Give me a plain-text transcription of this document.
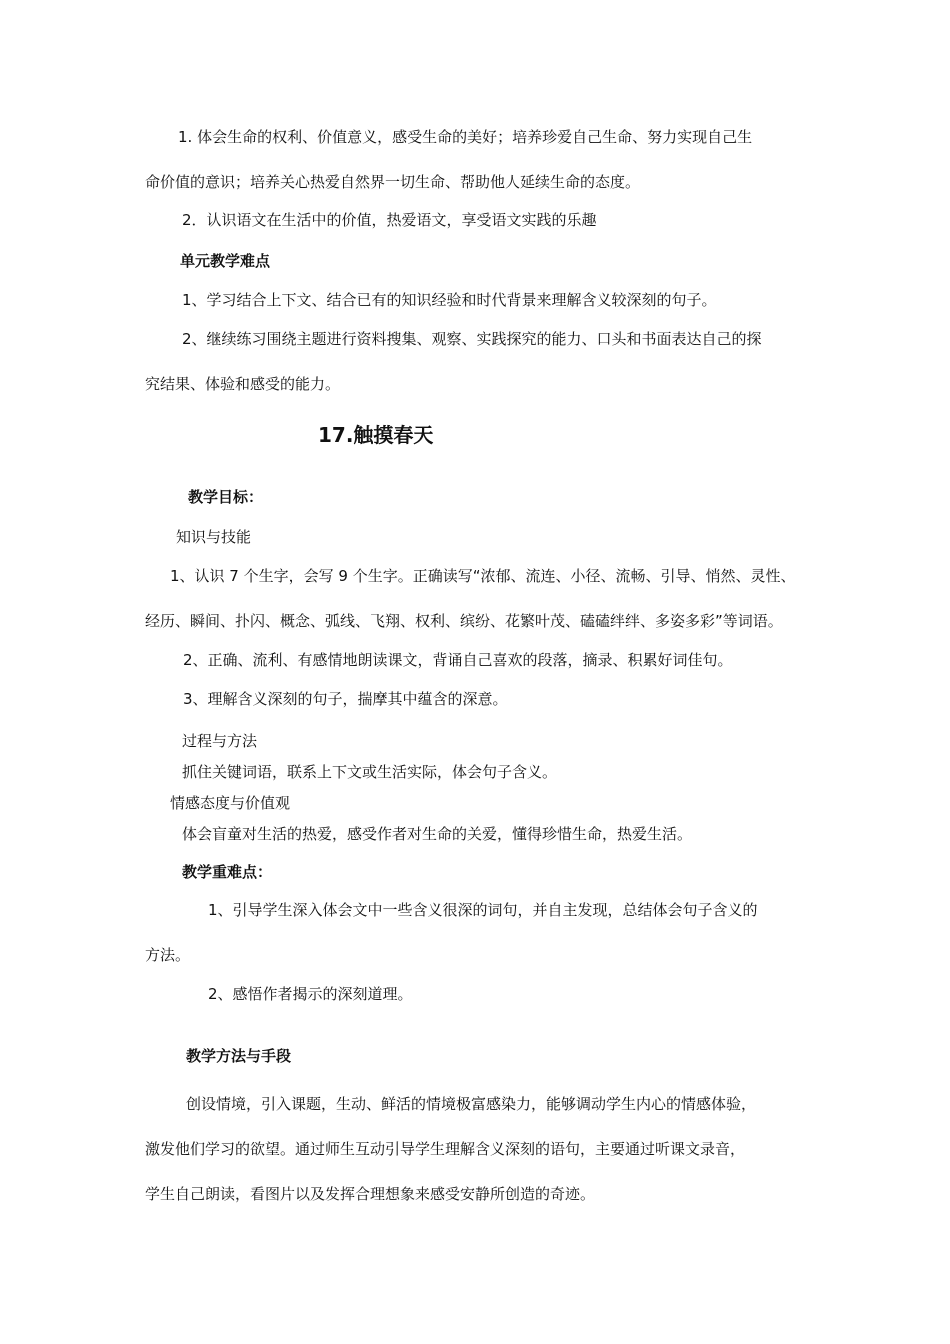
1. 体会生命的权利、价值意义，感受生命的美好；培养珍爱自己生命、努力实现自己生
命价值的意识；培养关心热爱自然界一切生命、帮助他人延续生命的态度。
2．认识语文在生活中的价值，热爱语文，享受语文实践的乐趣
单元教学难点
1、学习结合上下文、结合已有的知识经验和时代背景来理解含义较深刻的句子。
2、继续练习围绕主题进行资料搜集、观察、实践探究的能力、口头和书面表达自己的探
究结果、体验和感受的能力。
17.触摸春天
教学目标：
知识与技能
1、认识 7 个生字，会写 9 个生字。正确读写“浓郁、流连、小径、流畅、引导、悄然、灵性、
经历、瞬间、扑闪、概念、弧线、飞翔、权利、缤纷、花繁叶茂、磕磕绊绊、多姿多彩”等词语。
2、正确、流利、有感情地朗读课文，背诵自己喜欢的段落，摘录、积累好词佳句。
3、理解含义深刻的句子，揣摩其中蕴含的深意。
过程与方法
抓住关键词语，联系上下文或生活实际，体会句子含义。
情感态度与价值观
体会盲童对生活的热爱，感受作者对生命的关爱，懂得珍惜生命，热爱生活。
教学重难点：
1、引导学生深入体会文中一些含义很深的词句，并自主发现，总结体会句子含义的
方法。
2、感悟作者揭示的深刻道理。
教学方法与手段
创设情境，引入课题，生动、鲜活的情境极富感染力，能够调动学生内心的情感体验，
激发他们学习的欲望。通过师生互动引导学生理解含义深刻的语句，主要通过听课文录音，
学生自己朗读，看图片以及发挥合理想象来感受安静所创造的奇迹。
